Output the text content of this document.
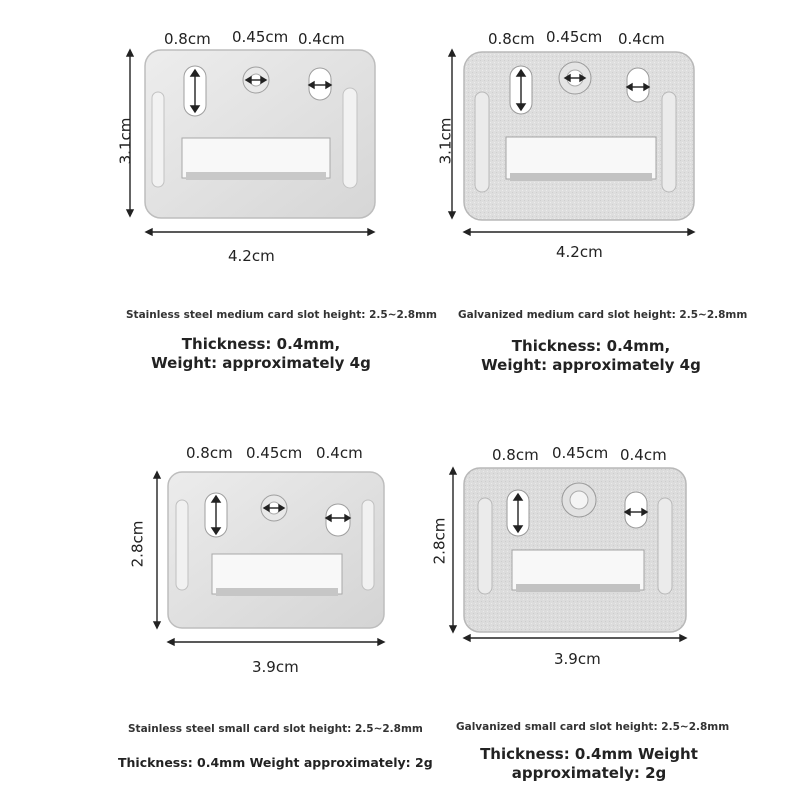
0.8cm 0.45cm 0.4cm
3.1cm
4.2cm
Stainless steel medium card slot height: 2.5~2.8mm
Thickness: 0.4mm, Weight: approximately 4g
0.8cm 0.45cm 0.4cm
3.1cm
4.2cm
Galvanized medium card slot height: 2.5~2.8mm
Thickness: 0.4mm, Weight: approximately 4g
0.8cm 0.45cm 0.4cm
2.8cm
3.9cm
Stainless steel small card slot height: 2.5~2.8mm
Thickness: 0.4mm Weight approximately: 2g
0.8cm 0.45cm 0.4cm
2.8cm
3.9cm
Galvanized small card slot height: 2.5~2.8mm
Thickness: 0.4mm Weight approximately: 2g
